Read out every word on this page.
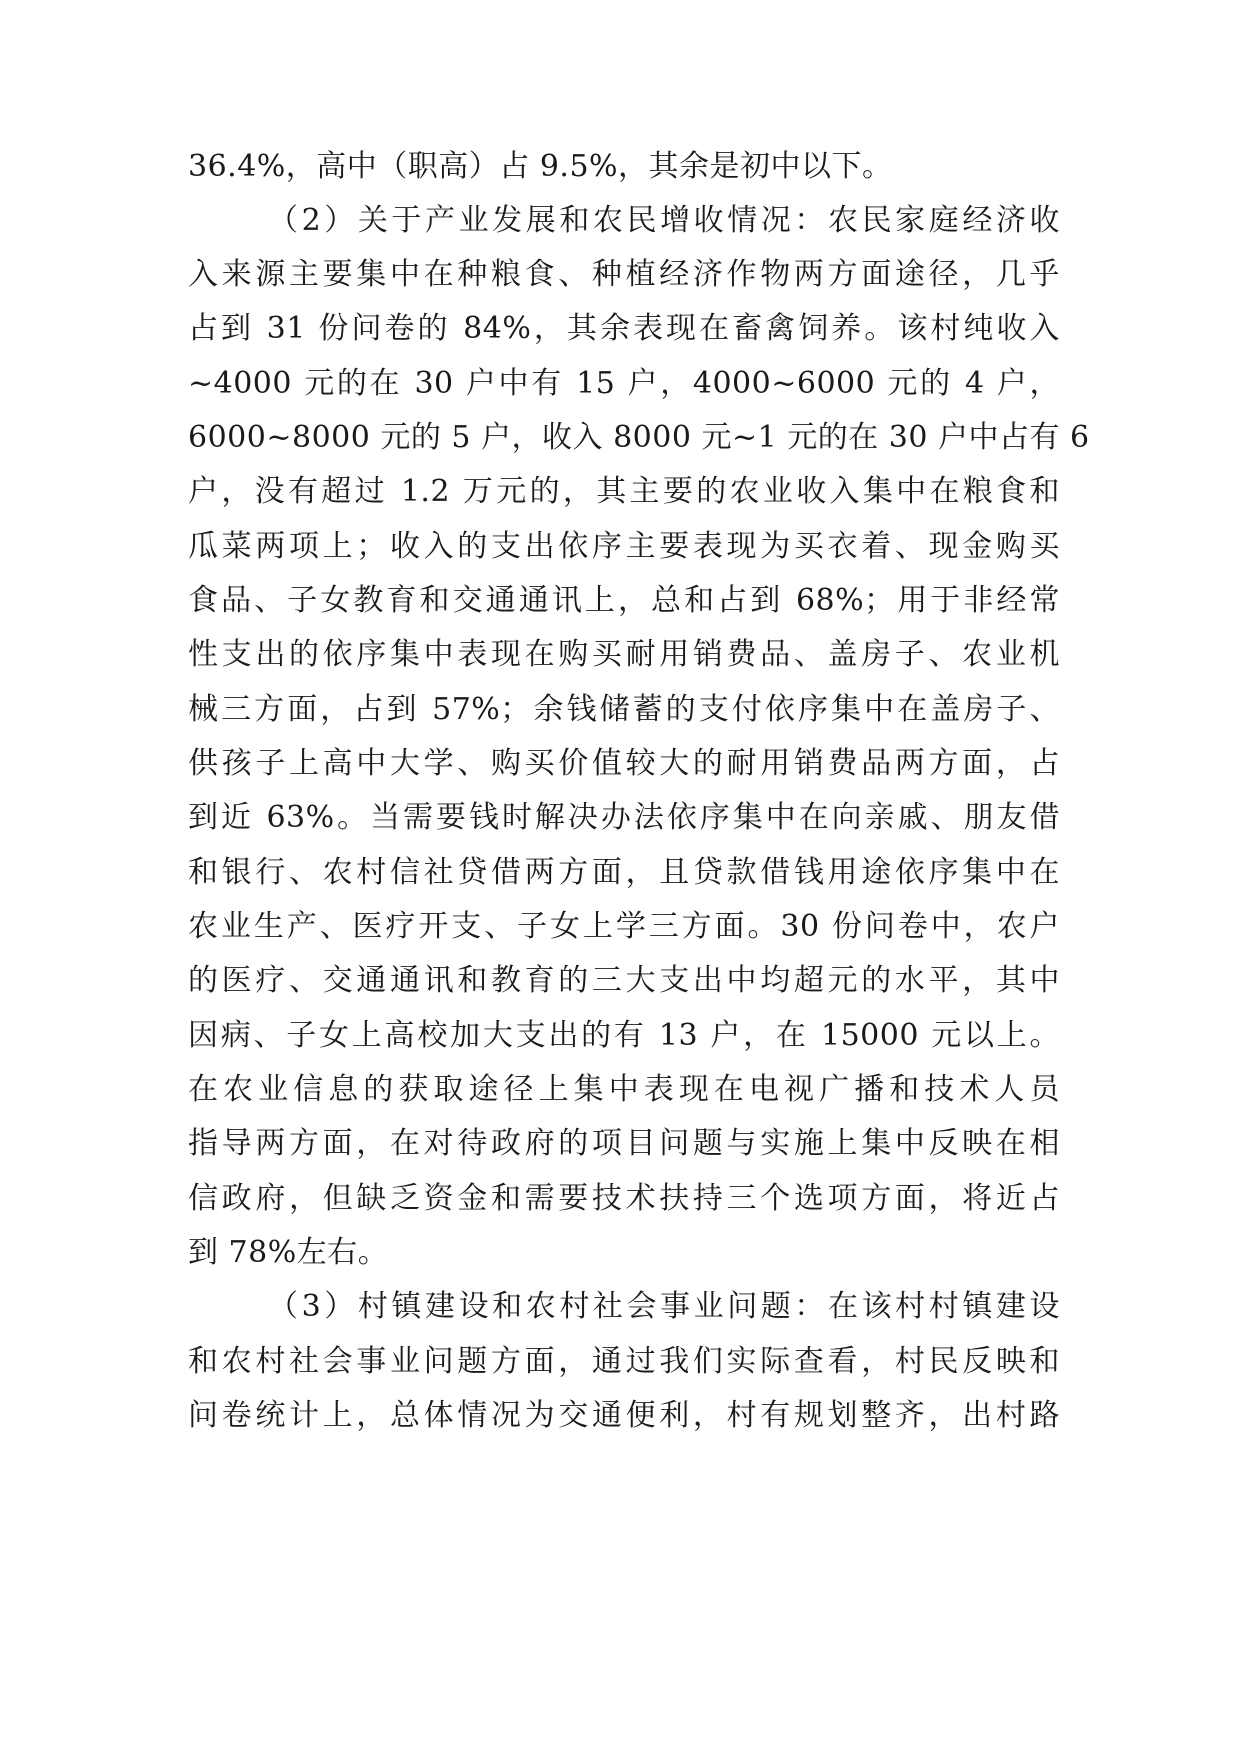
36.4%，高中（职高）占 9.5%，其余是初中以下。
（2）关于产业发展和农民增收情况：农民家庭经济收
入来源主要集中在种粮食、种植经济作物两方面途径，几乎
占到 31 份问卷的 84%，其余表现在畜禽饲养。该村纯收入
~4000 元的在 30 户中有 15 户，4000~6000 元的 4 户，
6000~8000 元的 5 户，收入 8000 元~1 元的在 30 户中占有 6
户，没有超过 1.2 万元的，其主要的农业收入集中在粮食和
瓜菜两项上；收入的支出依序主要表现为买衣着、现金购买
食品、子女教育和交通通讯上，总和占到 68%；用于非经常
性支出的依序集中表现在购买耐用销费品、盖房子、农业机
械三方面，占到 57%；余钱储蓄的支付依序集中在盖房子、
供孩子上高中大学、购买价值较大的耐用销费品两方面，占
到近 63%。当需要钱时解决办法依序集中在向亲戚、朋友借
和银行、农村信社贷借两方面，且贷款借钱用途依序集中在
农业生产、医疗开支、子女上学三方面。30 份问卷中，农户
的医疗、交通通讯和教育的三大支出中均超元的水平，其中
因病、子女上高校加大支出的有 13 户，在 15000 元以上。
在农业信息的获取途径上集中表现在电视广播和技术人员
指导两方面，在对待政府的项目问题与实施上集中反映在相
信政府，但缺乏资金和需要技术扶持三个选项方面，将近占
到 78%左右。
（3）村镇建设和农村社会事业问题：在该村村镇建设
和农村社会事业问题方面，通过我们实际查看，村民反映和
问卷统计上，总体情况为交通便利，村有规划整齐，出村路
